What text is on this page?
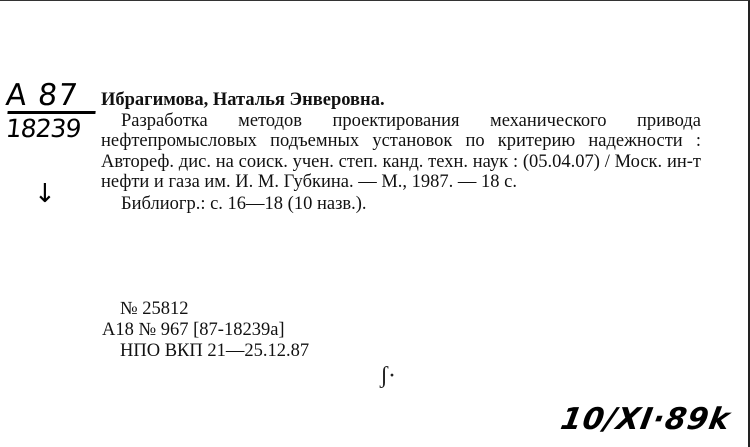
А 87
18239
↓
Ибрагимова, Наталья Энверовна.
Разработка методов проектирования механического привода нефтепромысловых подъемных установок по критерию надежности : Автореф. дис. на соиск. учен. степ. канд. техн. наук : (05.04.07) / Моск. ин-т нефти и газа им. И. М. Губкина. — М., 1987. — 18 с.
Библиогр.: с. 16—18 (10 назв.).
№ 25812
А18 № 967 [87-18239а]
НПО ВКП 21—25.12.87
ʃ·
10/XI·89k
